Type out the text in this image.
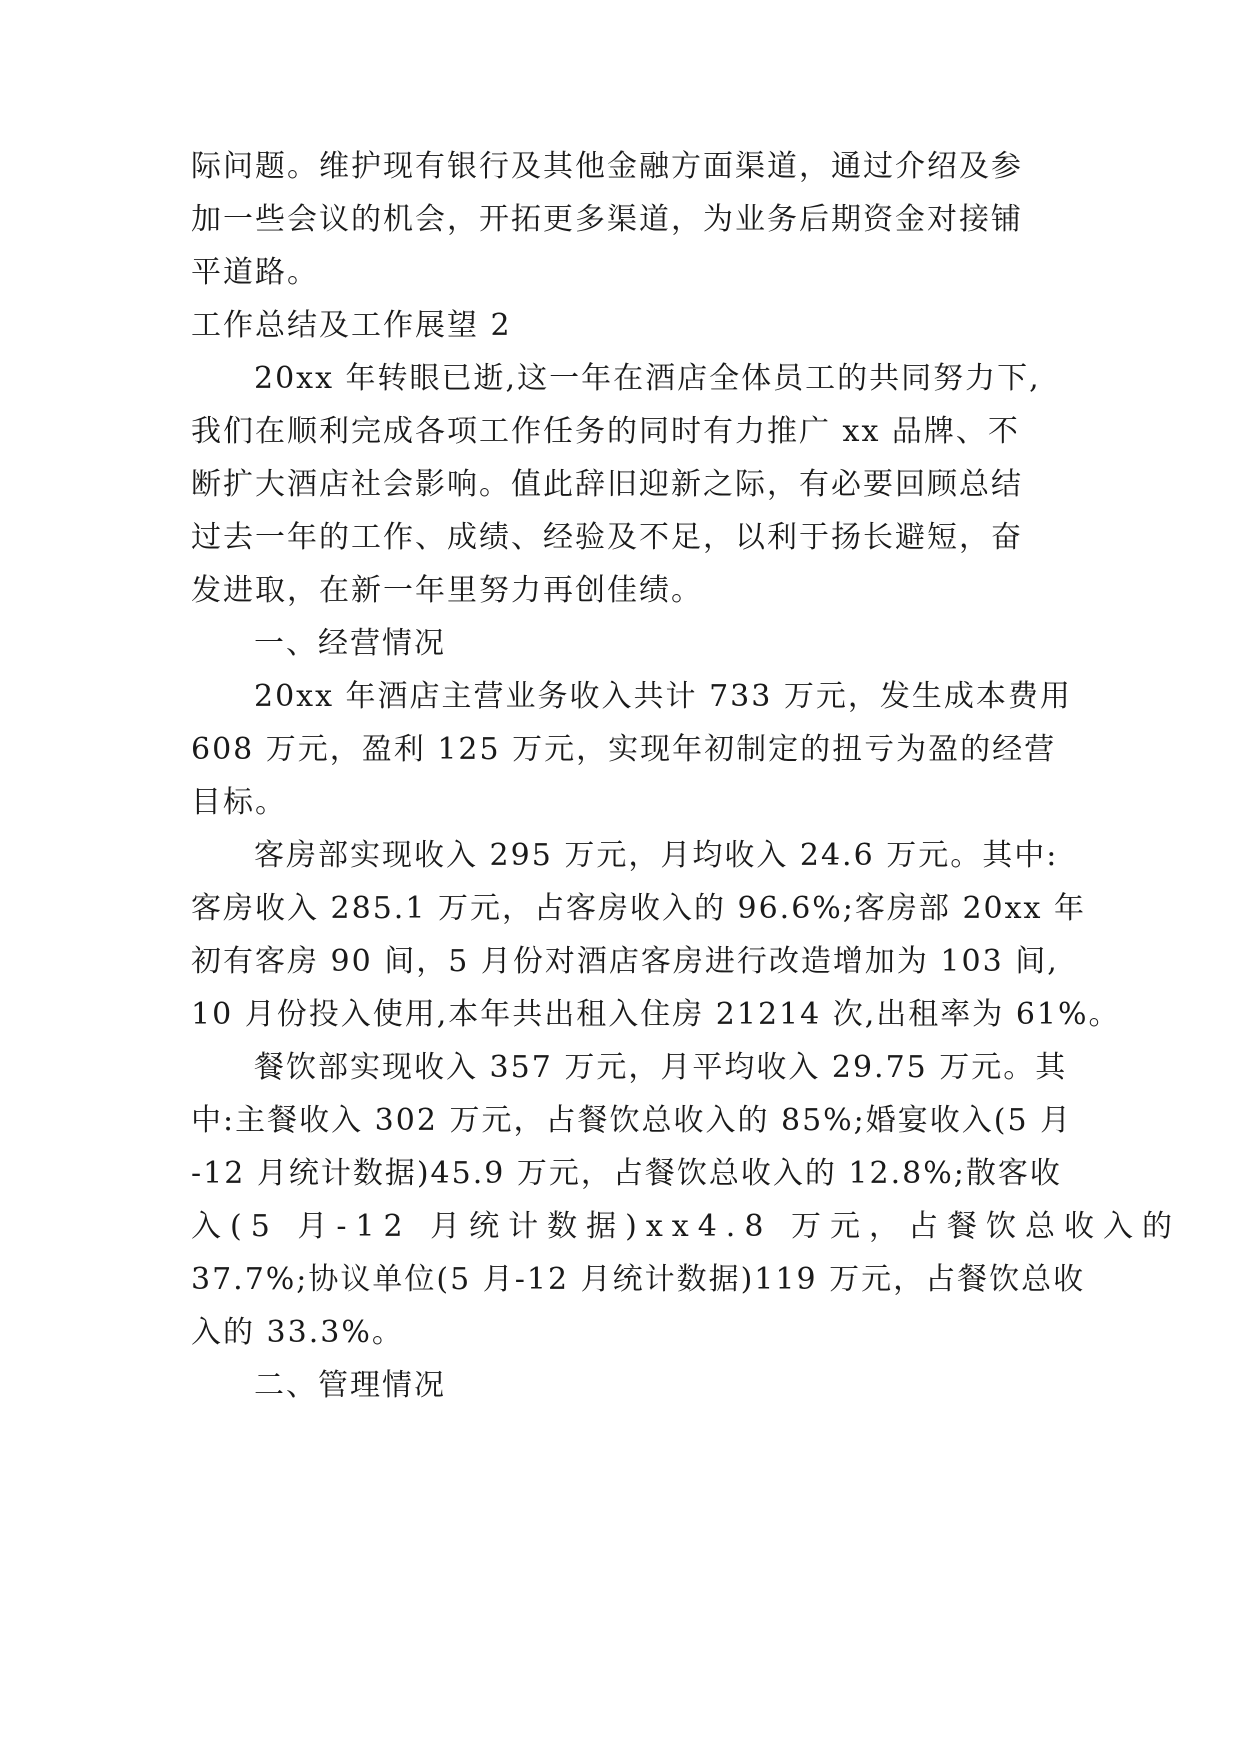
际问题。维护现有银行及其他金融方面渠道，通过介绍及参
加一些会议的机会，开拓更多渠道，为业务后期资金对接铺
平道路。
工作总结及工作展望 2
20xx 年转眼已逝,这一年在酒店全体员工的共同努力下,
我们在顺利完成各项工作任务的同时有力推广 xx 品牌、不
断扩大酒店社会影响。值此辞旧迎新之际，有必要回顾总结
过去一年的工作、成绩、经验及不足，以利于扬长避短，奋
发进取，在新一年里努力再创佳绩。
一、经营情况
20xx 年酒店主营业务收入共计 733 万元，发生成本费用
608 万元，盈利 125 万元，实现年初制定的扭亏为盈的经营
目标。
客房部实现收入 295 万元，月均收入 24.6 万元。其中:
客房收入 285.1 万元，占客房收入的 96.6%;客房部 20xx 年
初有客房 90 间，5 月份对酒店客房进行改造增加为 103 间,
10 月份投入使用,本年共出租入住房 21214 次,出租率为 61%。
餐饮部实现收入 357 万元，月平均收入 29.75 万元。其
中:主餐收入 302 万元，占餐饮总收入的 85%;婚宴收入(5 月
-12 月统计数据)45.9 万元，占餐饮总收入的 12.8%;散客收
入(5 月-12 月统计数据)xx4.8 万元，占餐饮总收入的
37.7%;协议单位(5 月-12 月统计数据)119 万元，占餐饮总收
入的 33.3%。
二、管理情况
